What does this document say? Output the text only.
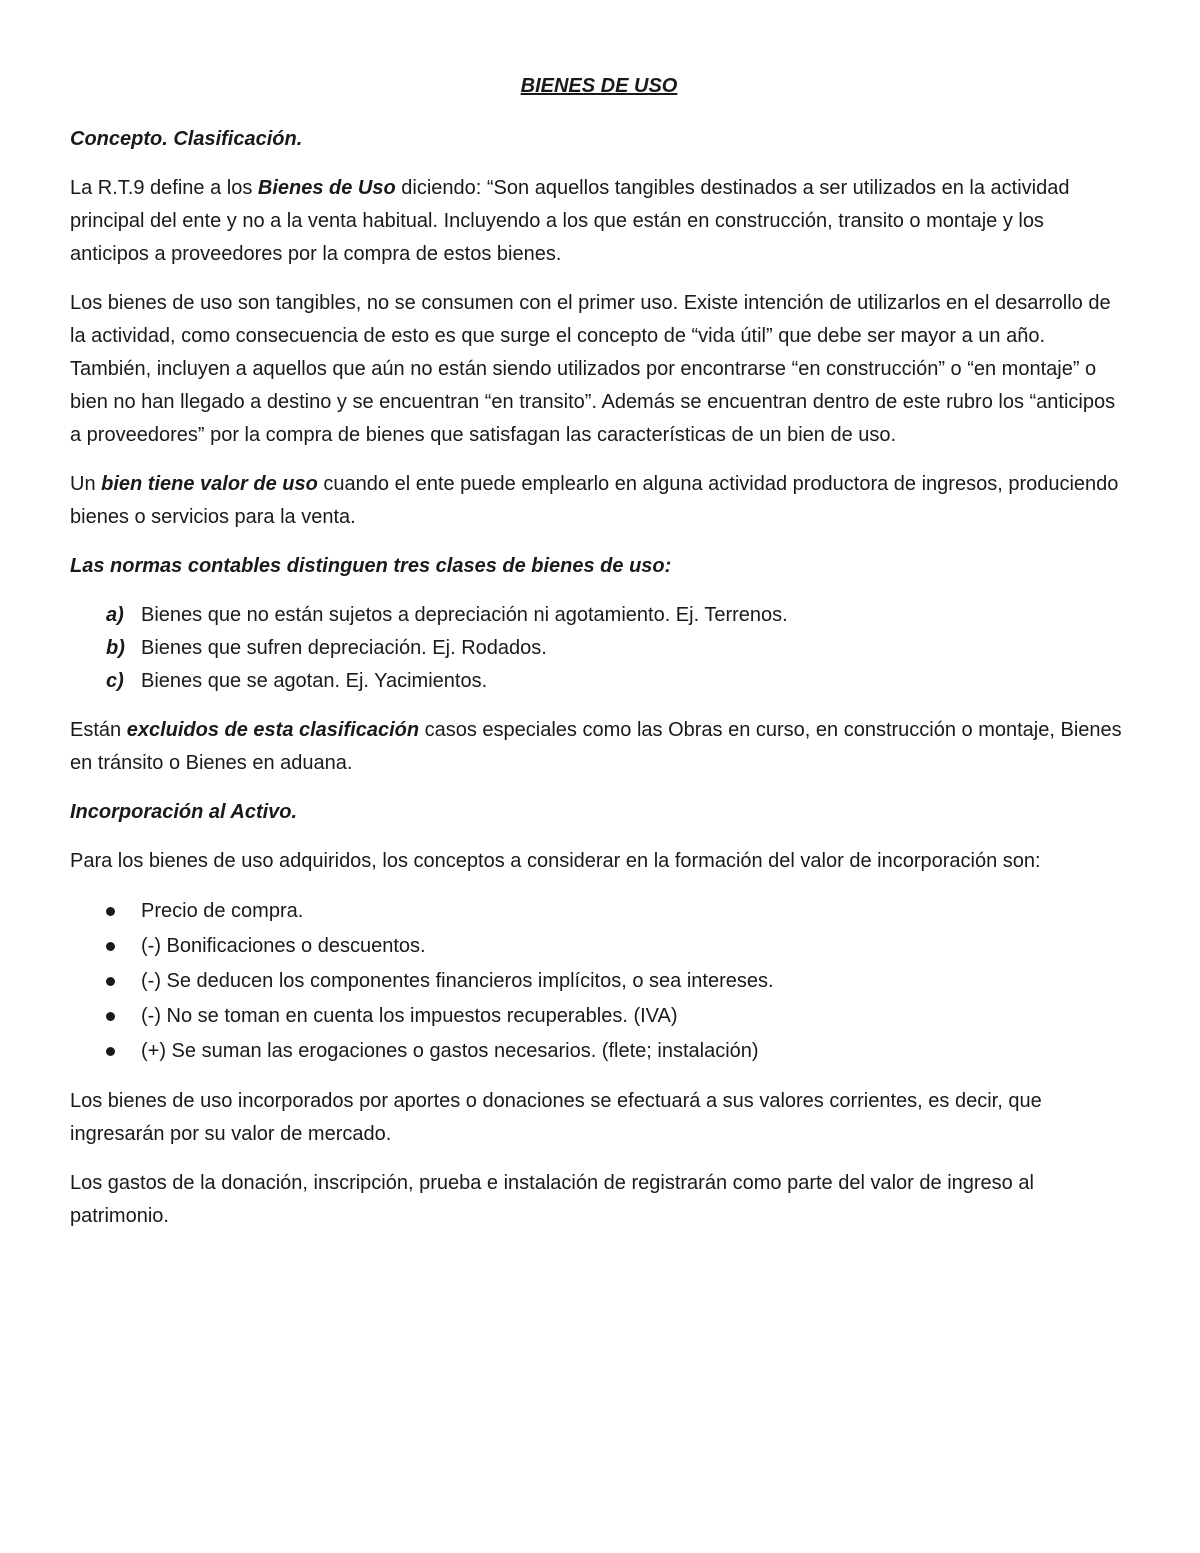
BIENES DE USO
Concepto. Clasificación.

La R.T.9 define a los Bienes de Uso diciendo: “Son aquellos tangibles destinados a ser utilizados en la actividad principal del ente y no a la venta habitual. Incluyendo a los que están en construcción, transito o montaje y los anticipos a proveedores por la compra de estos bienes.

Los bienes de uso son tangibles, no se consumen con el primer uso. Existe intención de utilizarlos en el desarrollo de la actividad, como consecuencia de esto es que surge el concepto de “vida útil” que debe ser mayor a un año. También, incluyen a aquellos que aún no están siendo utilizados por encontrarse “en construcción” o “en montaje” o bien no han llegado a destino y se encuentran “en transito”. Además se encuentran dentro de este rubro los “anticipos a proveedores” por la compra de bienes que satisfagan las características de un bien de uso.

Un bien tiene valor de uso cuando el ente puede emplearlo en alguna actividad productora de ingresos, produciendo bienes o servicios para la venta.

Las normas contables distinguen tres clases de bienes de uso:
a) Bienes que no están sujetos a depreciación ni agotamiento. Ej. Terrenos.
b) Bienes que sufren depreciación. Ej. Rodados.
c) Bienes que se agotan. Ej. Yacimientos.

Están excluidos de esta clasificación casos especiales como las Obras en curso, en construcción o montaje, Bienes en tránsito o Bienes en aduana.

Incorporación al Activo.

Para los bienes de uso adquiridos, los conceptos a considerar en la formación del valor de incorporación son:

Precio de compra.
(-) Bonificaciones o descuentos.
(-) Se deducen los componentes financieros implícitos, o sea intereses.
(-) No se toman en cuenta los impuestos recuperables. (IVA)
(+) Se suman las erogaciones o gastos necesarios. (flete; instalación)

Los bienes de uso incorporados por aportes o donaciones se efectuará a sus valores corrientes, es decir, que ingresarán por su valor de mercado.

Los gastos de la donación, inscripción, prueba e instalación de registrarán como parte del valor de ingreso al patrimonio.
